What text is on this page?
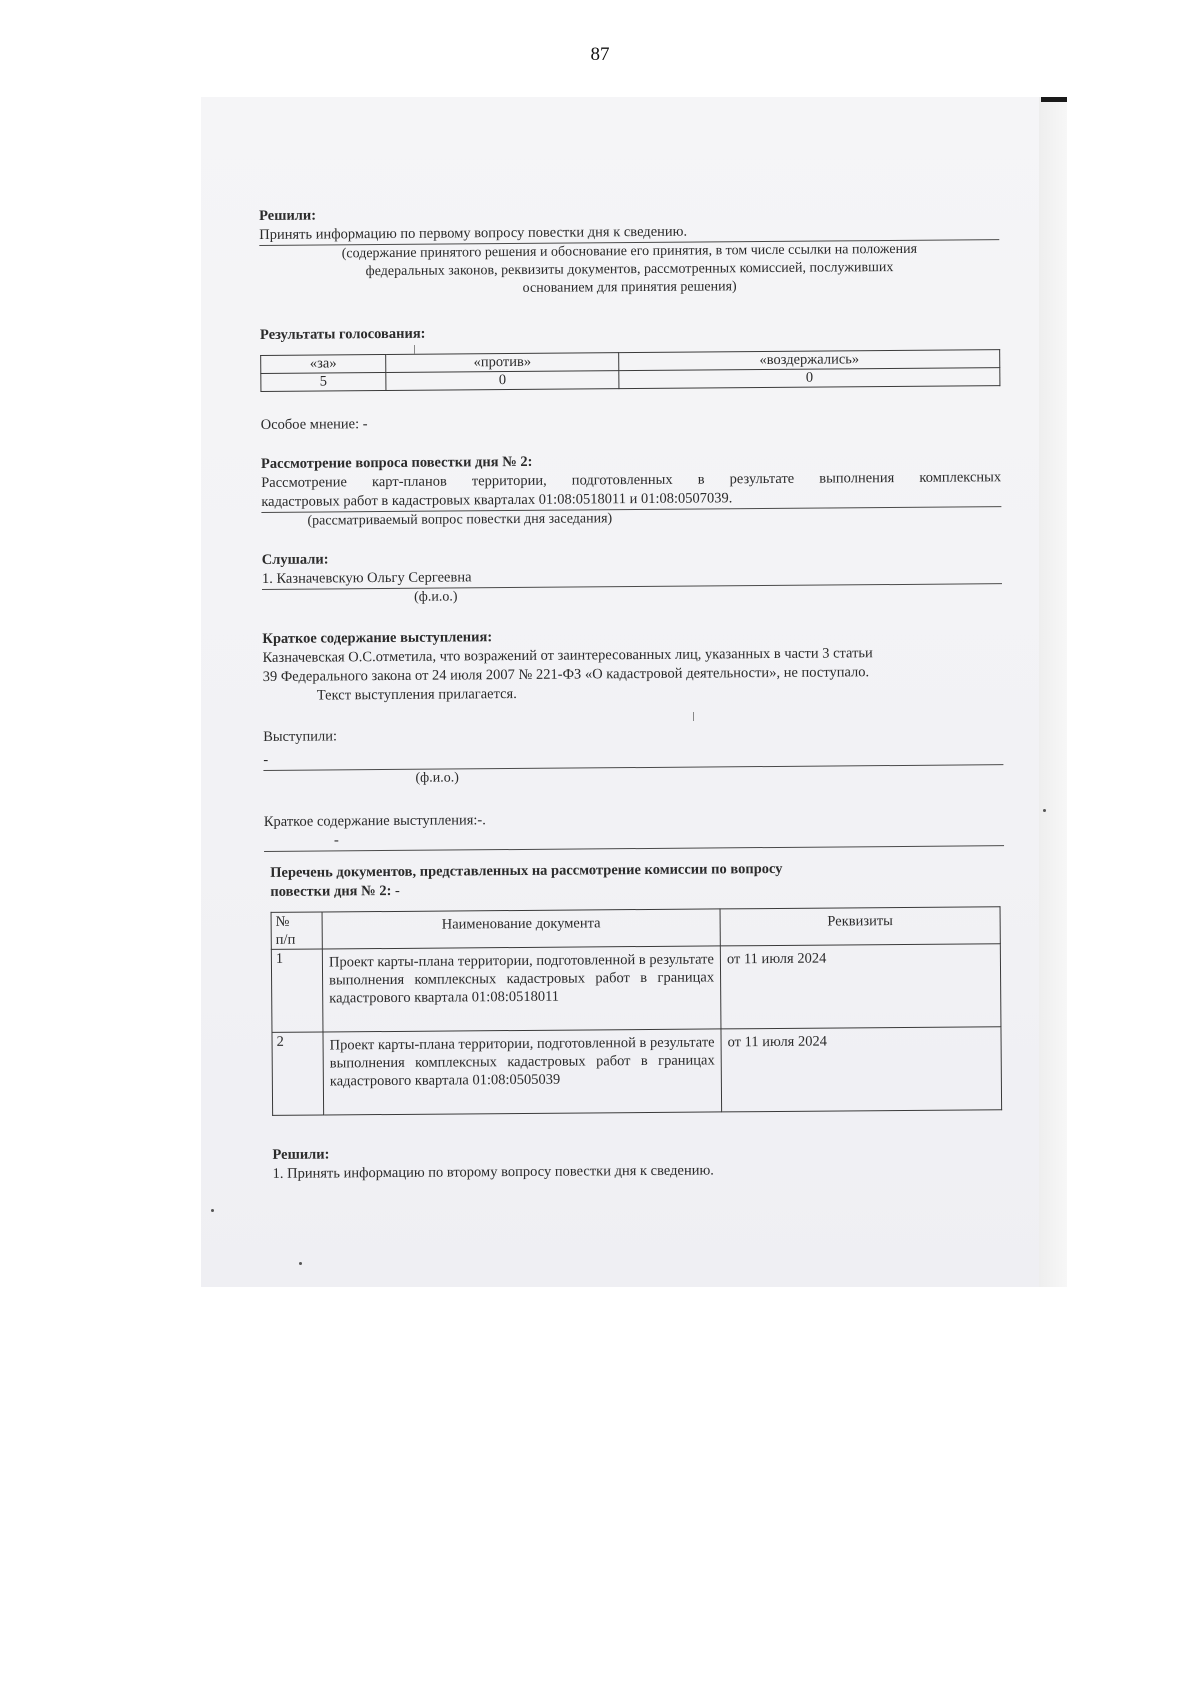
87
Решили:
Принять информацию по первому вопросу повестки дня к сведению.
(содержание принятого решения и обоснование его принятия, в том числе ссылки на положения
федеральных законов, реквизиты документов, рассмотренных комиссией, послуживших
основанием для принятия решения)
Результаты голосования:
«за»	«против»	«воздержались»
5	0	0
Особое мнение: -
Рассмотрение вопроса повестки дня № 2:
Рассмотрение карт-планов территории, подготовленных в результате выполнения комплексных
кадастровых работ в кадастровых кварталах 01:08:0518011 и 01:08:0507039.
(рассматриваемый вопрос повестки дня заседания)
Слушали:
1. Казначевскую Ольгу Сергеевна
(ф.и.о.)
Краткое содержание выступления:
Казначевская О.С.отметила, что возражений от заинтересованных лиц, указанных в части 3 статьи
39 Федерального закона от 24 июля 2007 № 221-ФЗ «О кадастровой деятельности», не поступало.
Текст выступления прилагается.
Выступили:
-
(ф.и.о.)
Краткое содержание выступления:-.
-
Перечень документов, представленных на рассмотрение комиссии по вопросу
повестки дня № 2: -
№
п/п	Наименование документа	Реквизиты
1	Проект карты-плана территории, подготовленной в результате выполнения комплексных кадастровых работ в границах кадастрового квартала 01:08:0518011	от 11 июля 2024
2	Проект карты-плана территории, подготовленной в результате выполнения комплексных кадастровых работ в границах кадастрового квартала 01:08:0505039	от 11 июля 2024
Решили:
1. Принять информацию по второму вопросу повестки дня к сведению.
